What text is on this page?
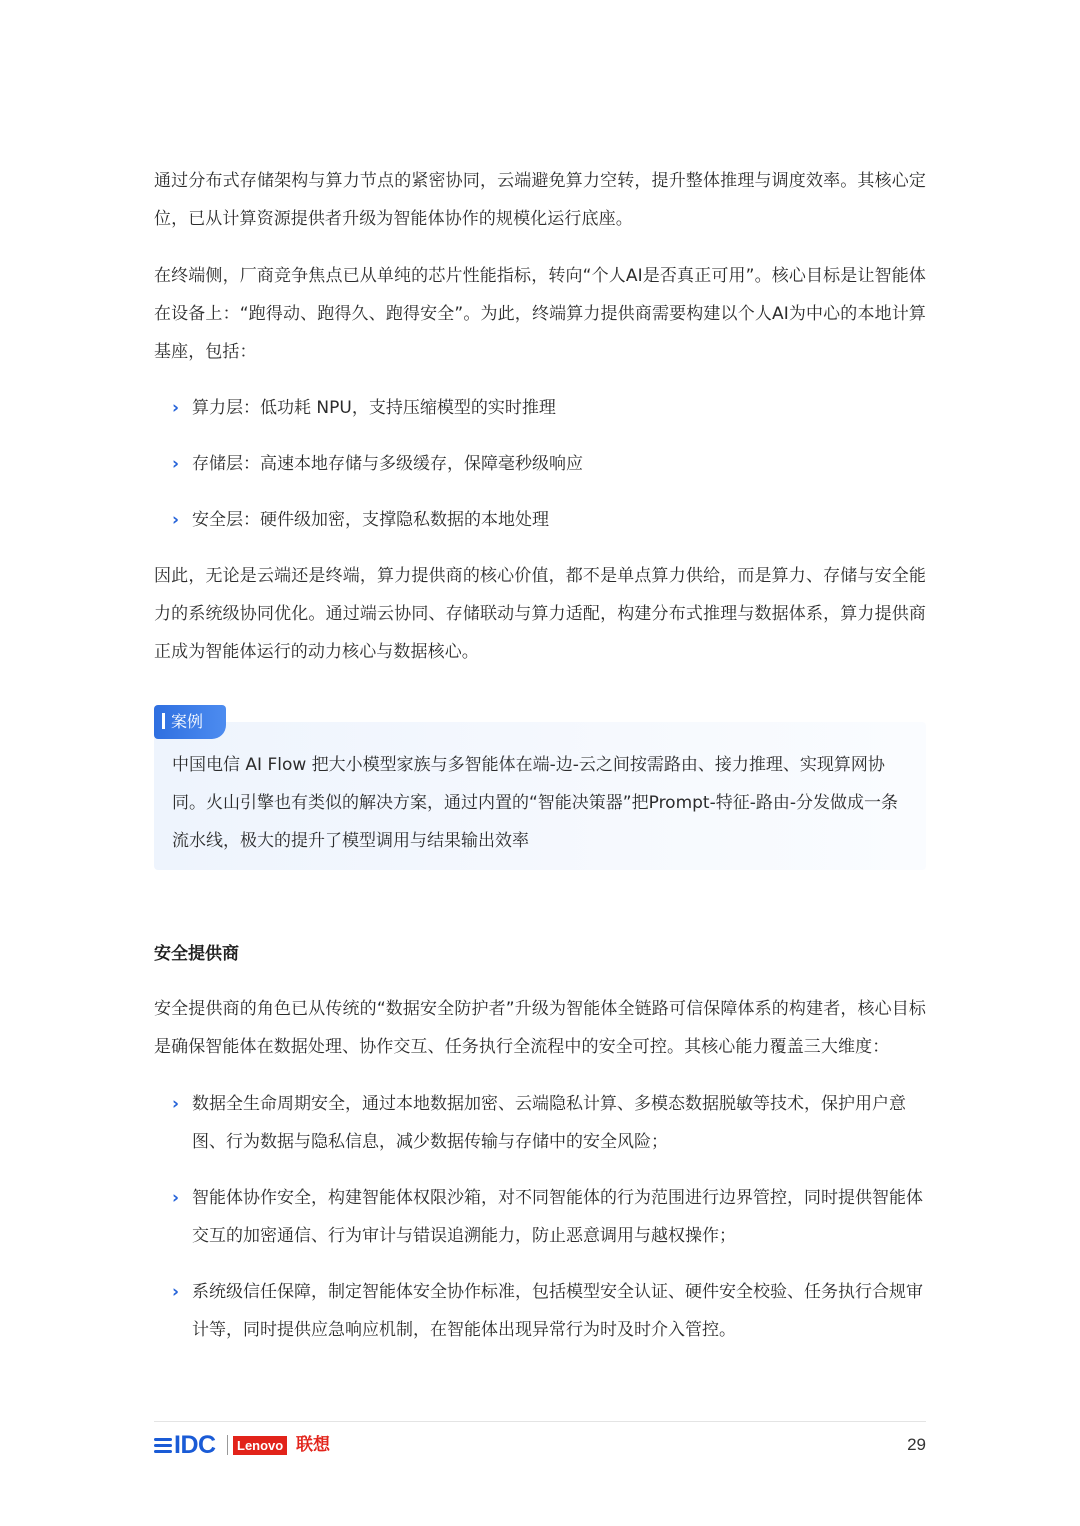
通过分布式存储架构与算力节点的紧密协同，云端避免算力空转，提升整体推理与调度效率。其核心定位，已从计算资源提供者升级为智能体协作的规模化运行底座。

在终端侧，厂商竞争焦点已从单纯的芯片性能指标，转向“个人AI是否真正可用”。核心目标是让智能体在设备上：“跑得动、跑得久、跑得安全”。为此，终端算力提供商需要构建以个人AI为中心的本地计算基座，包括：

› 算力层：低功耗 NPU，支持压缩模型的实时推理
› 存储层：高速本地存储与多级缓存，保障毫秒级响应
› 安全层：硬件级加密，支撑隐私数据的本地处理

因此，无论是云端还是终端，算力提供商的核心价值，都不是单点算力供给，而是算力、存储与安全能力的系统级协同优化。通过端云协同、存储联动与算力适配，构建分布式推理与数据体系，算力提供商正成为智能体运行的动力核心与数据核心。

案例

中国电信 AI Flow 把大小模型家族与多智能体在端-边-云之间按需路由、接力推理、实现算网协同。火山引擎也有类似的解决方案，通过内置的“智能决策器”把Prompt-特征-路由-分发做成一条流水线，极大的提升了模型调用与结果输出效率

安全提供商

安全提供商的角色已从传统的“数据安全防护者”升级为智能体全链路可信保障体系的构建者，核心目标是确保智能体在数据处理、协作交互、任务执行全流程中的安全可控。其核心能力覆盖三大维度：

› 数据全生命周期安全，通过本地数据加密、云端隐私计算、多模态数据脱敏等技术，保护用户意图、行为数据与隐私信息，减少数据传输与存储中的安全风险；
› 智能体协作安全，构建智能体权限沙箱，对不同智能体的行为范围进行边界管控，同时提供智能体交互的加密通信、行为审计与错误追溯能力，防止恶意调用与越权操作；
› 系统级信任保障，制定智能体安全协作标准，包括模型安全认证、硬件安全校验、任务执行合规审计等，同时提供应急响应机制，在智能体出现异常行为时及时介入管控。
IDC	Lenovo 联想	29
